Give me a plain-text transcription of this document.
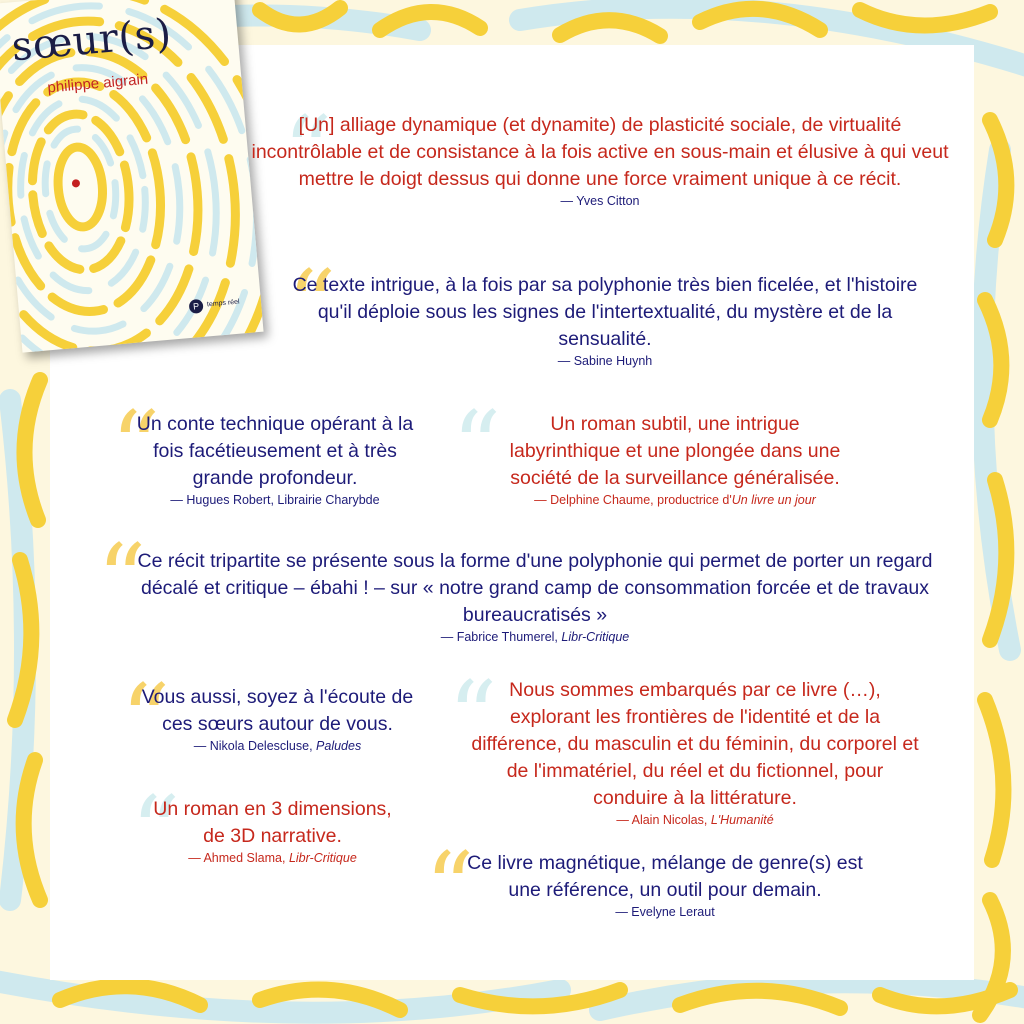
sœur(s)

philippe aigrain

P	temps réel
“

[Un] alliage dynamique (et dynamite) de plasticité sociale, de virtualité incontrôlable et de consistance à la fois active en sous-main et élusive à qui veut mettre le doigt dessus qui donne une force vraiment unique à ce récit.

— Yves Citton

“

Ce texte intrigue, à la fois par sa polyphonie très bien ficelée, et l'histoire qu'il déploie sous les signes de l'intertextualité, du mystère et de la sensualité.

— Sabine Huynh

“

Un conte technique opérant à la fois facétieusement et à très grande profondeur.

— Hugues Robert, Librairie Charybde “	Un roman subtil, une intrigue labyrinthique et une plongée dans une société de la surveillance généralisée.

— Delphine Chaume, productrice d'Un livre un jour

“

Ce récit tripartite se présente sous la forme d'une polyphonie qui permet de porter un regard décalé et critique – ébahi ! – sur « notre grand camp de consommation forcée et de travaux bureaucratisés »

— Fabrice Thumerel, Libr-Critique

“

Vous aussi, soyez à l'écoute de ces sœurs autour de vous.

— Nikola Delescluse, Paludes “ Nous sommes embarqués par ce livre (…), explorant les frontières de l'identité et de la différence, du masculin et du féminin, du corporel et de l'immatériel, du réel et du fictionnel, pour conduire à la littérature.

— Alain Nicolas, L'Humanité

“

Un roman en 3 dimensions, de 3D narrative.

— Ahmed Slama, Libr-Critique “

Ce livre magnétique, mélange de genre(s) est une référence, un outil pour demain.

— Evelyne Leraut
